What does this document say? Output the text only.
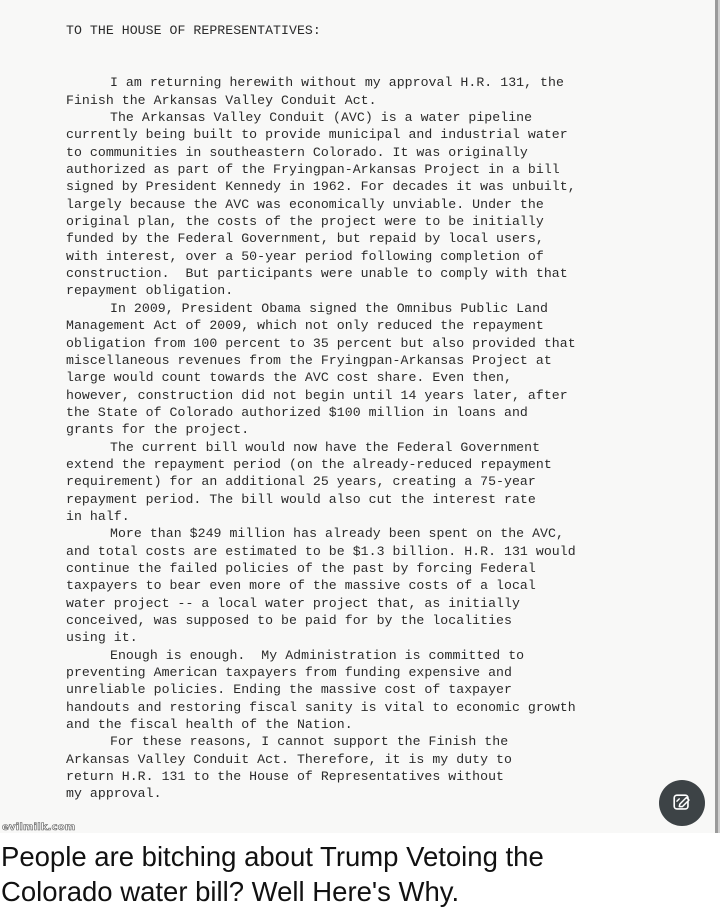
TO THE HOUSE OF REPRESENTATIVES:
I am returning herewith without my approval H.R. 131, the
Finish the Arkansas Valley Conduit Act.
The Arkansas Valley Conduit (AVC) is a water pipeline
currently being built to provide municipal and industrial water
to communities in southeastern Colorado. It was originally
authorized as part of the Fryingpan-Arkansas Project in a bill
signed by President Kennedy in 1962. For decades it was unbuilt,
largely because the AVC was economically unviable. Under the
original plan, the costs of the project were to be initially
funded by the Federal Government, but repaid by local users,
with interest, over a 50-year period following completion of
construction.  But participants were unable to comply with that
repayment obligation.
In 2009, President Obama signed the Omnibus Public Land
Management Act of 2009, which not only reduced the repayment
obligation from 100 percent to 35 percent but also provided that
miscellaneous revenues from the Fryingpan-Arkansas Project at
large would count towards the AVC cost share. Even then,
however, construction did not begin until 14 years later, after
the State of Colorado authorized $100 million in loans and
grants for the project.
The current bill would now have the Federal Government
extend the repayment period (on the already-reduced repayment
requirement) for an additional 25 years, creating a 75-year
repayment period. The bill would also cut the interest rate
in half.
More than $249 million has already been spent on the AVC,
and total costs are estimated to be $1.3 billion. H.R. 131 would
continue the failed policies of the past by forcing Federal
taxpayers to bear even more of the massive costs of a local
water project -- a local water project that, as initially
conceived, was supposed to be paid for by the localities
using it.
Enough is enough.  My Administration is committed to
preventing American taxpayers from funding expensive and
unreliable policies. Ending the massive cost of taxpayer
handouts and restoring fiscal sanity is vital to economic growth
and the fiscal health of the Nation.
For these reasons, I cannot support the Finish the
Arkansas Valley Conduit Act. Therefore, it is my duty to
return H.R. 131 to the House of Representatives without
my approval.
evilmilk.com
People are bitching about Trump Vetoing the
Colorado water bill? Well Here's Why.
